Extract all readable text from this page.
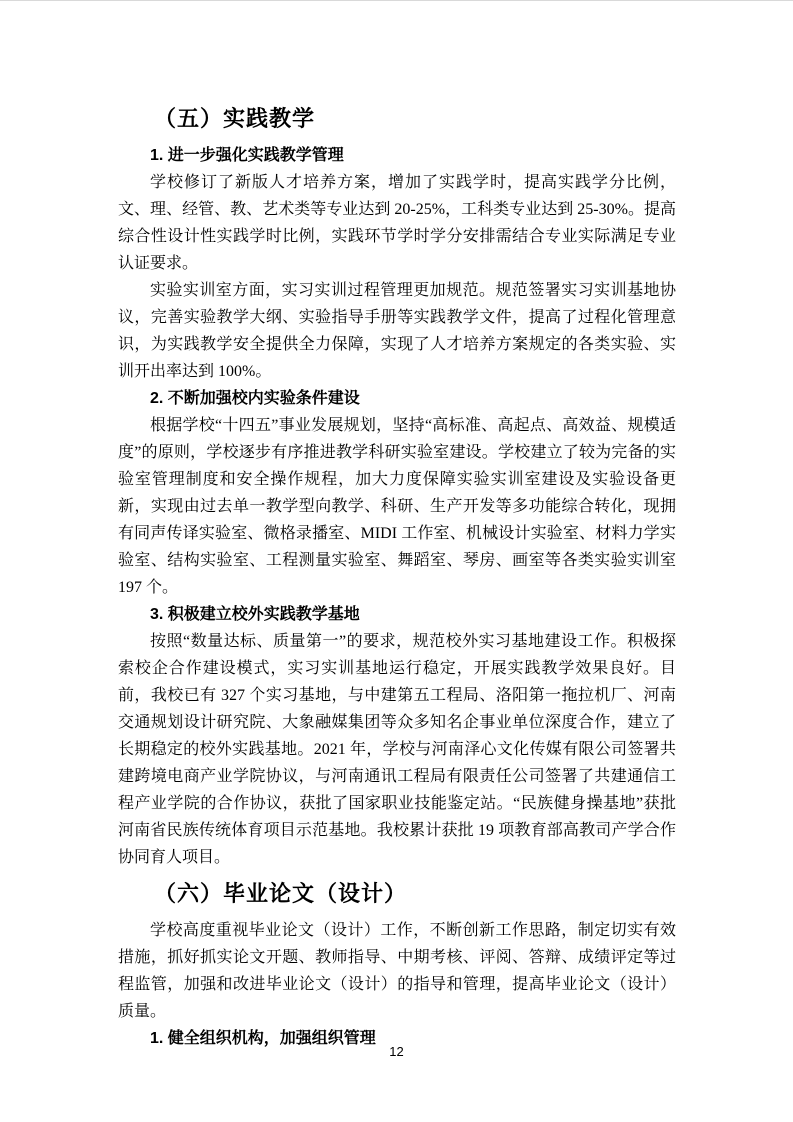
（五）实践教学
1. 进一步强化实践教学管理

学校修订了新版人才培养方案，增加了实践学时，提高实践学分比例，文、理、经管、教、艺术类等专业达到 20-25%，工科类专业达到 25-30%。提高综合性设计性实践学时比例，实践环节学时学分安排需结合专业实际满足专业认证要求。

实验实训室方面，实习实训过程管理更加规范。规范签署实习实训基地协议，完善实验教学大纲、实验指导手册等实践教学文件，提高了过程化管理意识，为实践教学安全提供全力保障，实现了人才培养方案规定的各类实验、实训开出率达到 100%。

2. 不断加强校内实验条件建设

根据学校“十四五”事业发展规划，坚持“高标准、高起点、高效益、规模适度”的原则，学校逐步有序推进教学科研实验室建设。学校建立了较为完备的实验室管理制度和安全操作规程，加大力度保障实验实训室建设及实验设备更新，实现由过去单一教学型向教学、科研、生产开发等多功能综合转化，现拥有同声传译实验室、微格录播室、MIDI 工作室、机械设计实验室、材料力学实验室、结构实验室、工程测量实验室、舞蹈室、琴房、画室等各类实验实训室 197 个。

3. 积极建立校外实践教学基地

按照“数量达标、质量第一”的要求，规范校外实习基地建设工作。积极探索校企合作建设模式，实习实训基地运行稳定，开展实践教学效果良好。目前，我校已有 327 个实习基地，与中建第五工程局、洛阳第一拖拉机厂、河南交通规划设计研究院、大象融媒集团等众多知名企事业单位深度合作，建立了长期稳定的校外实践基地。2021 年，学校与河南泽心文化传媒有限公司签署共建跨境电商产业学院协议，与河南通讯工程局有限责任公司签署了共建通信工程产业学院的合作协议，获批了国家职业技能鉴定站。“民族健身操基地”获批河南省民族传统体育项目示范基地。我校累计获批 19 项教育部高教司产学合作协同育人项目。

（六）毕业论文（设计）

学校高度重视毕业论文（设计）工作，不断创新工作思路，制定切实有效措施，抓好抓实论文开题、教师指导、中期考核、评阅、答辩、成绩评定等过程监管，加强和改进毕业论文（设计）的指导和管理，提高毕业论文（设计）质量。

1. 健全组织机构，加强组织管理
12
